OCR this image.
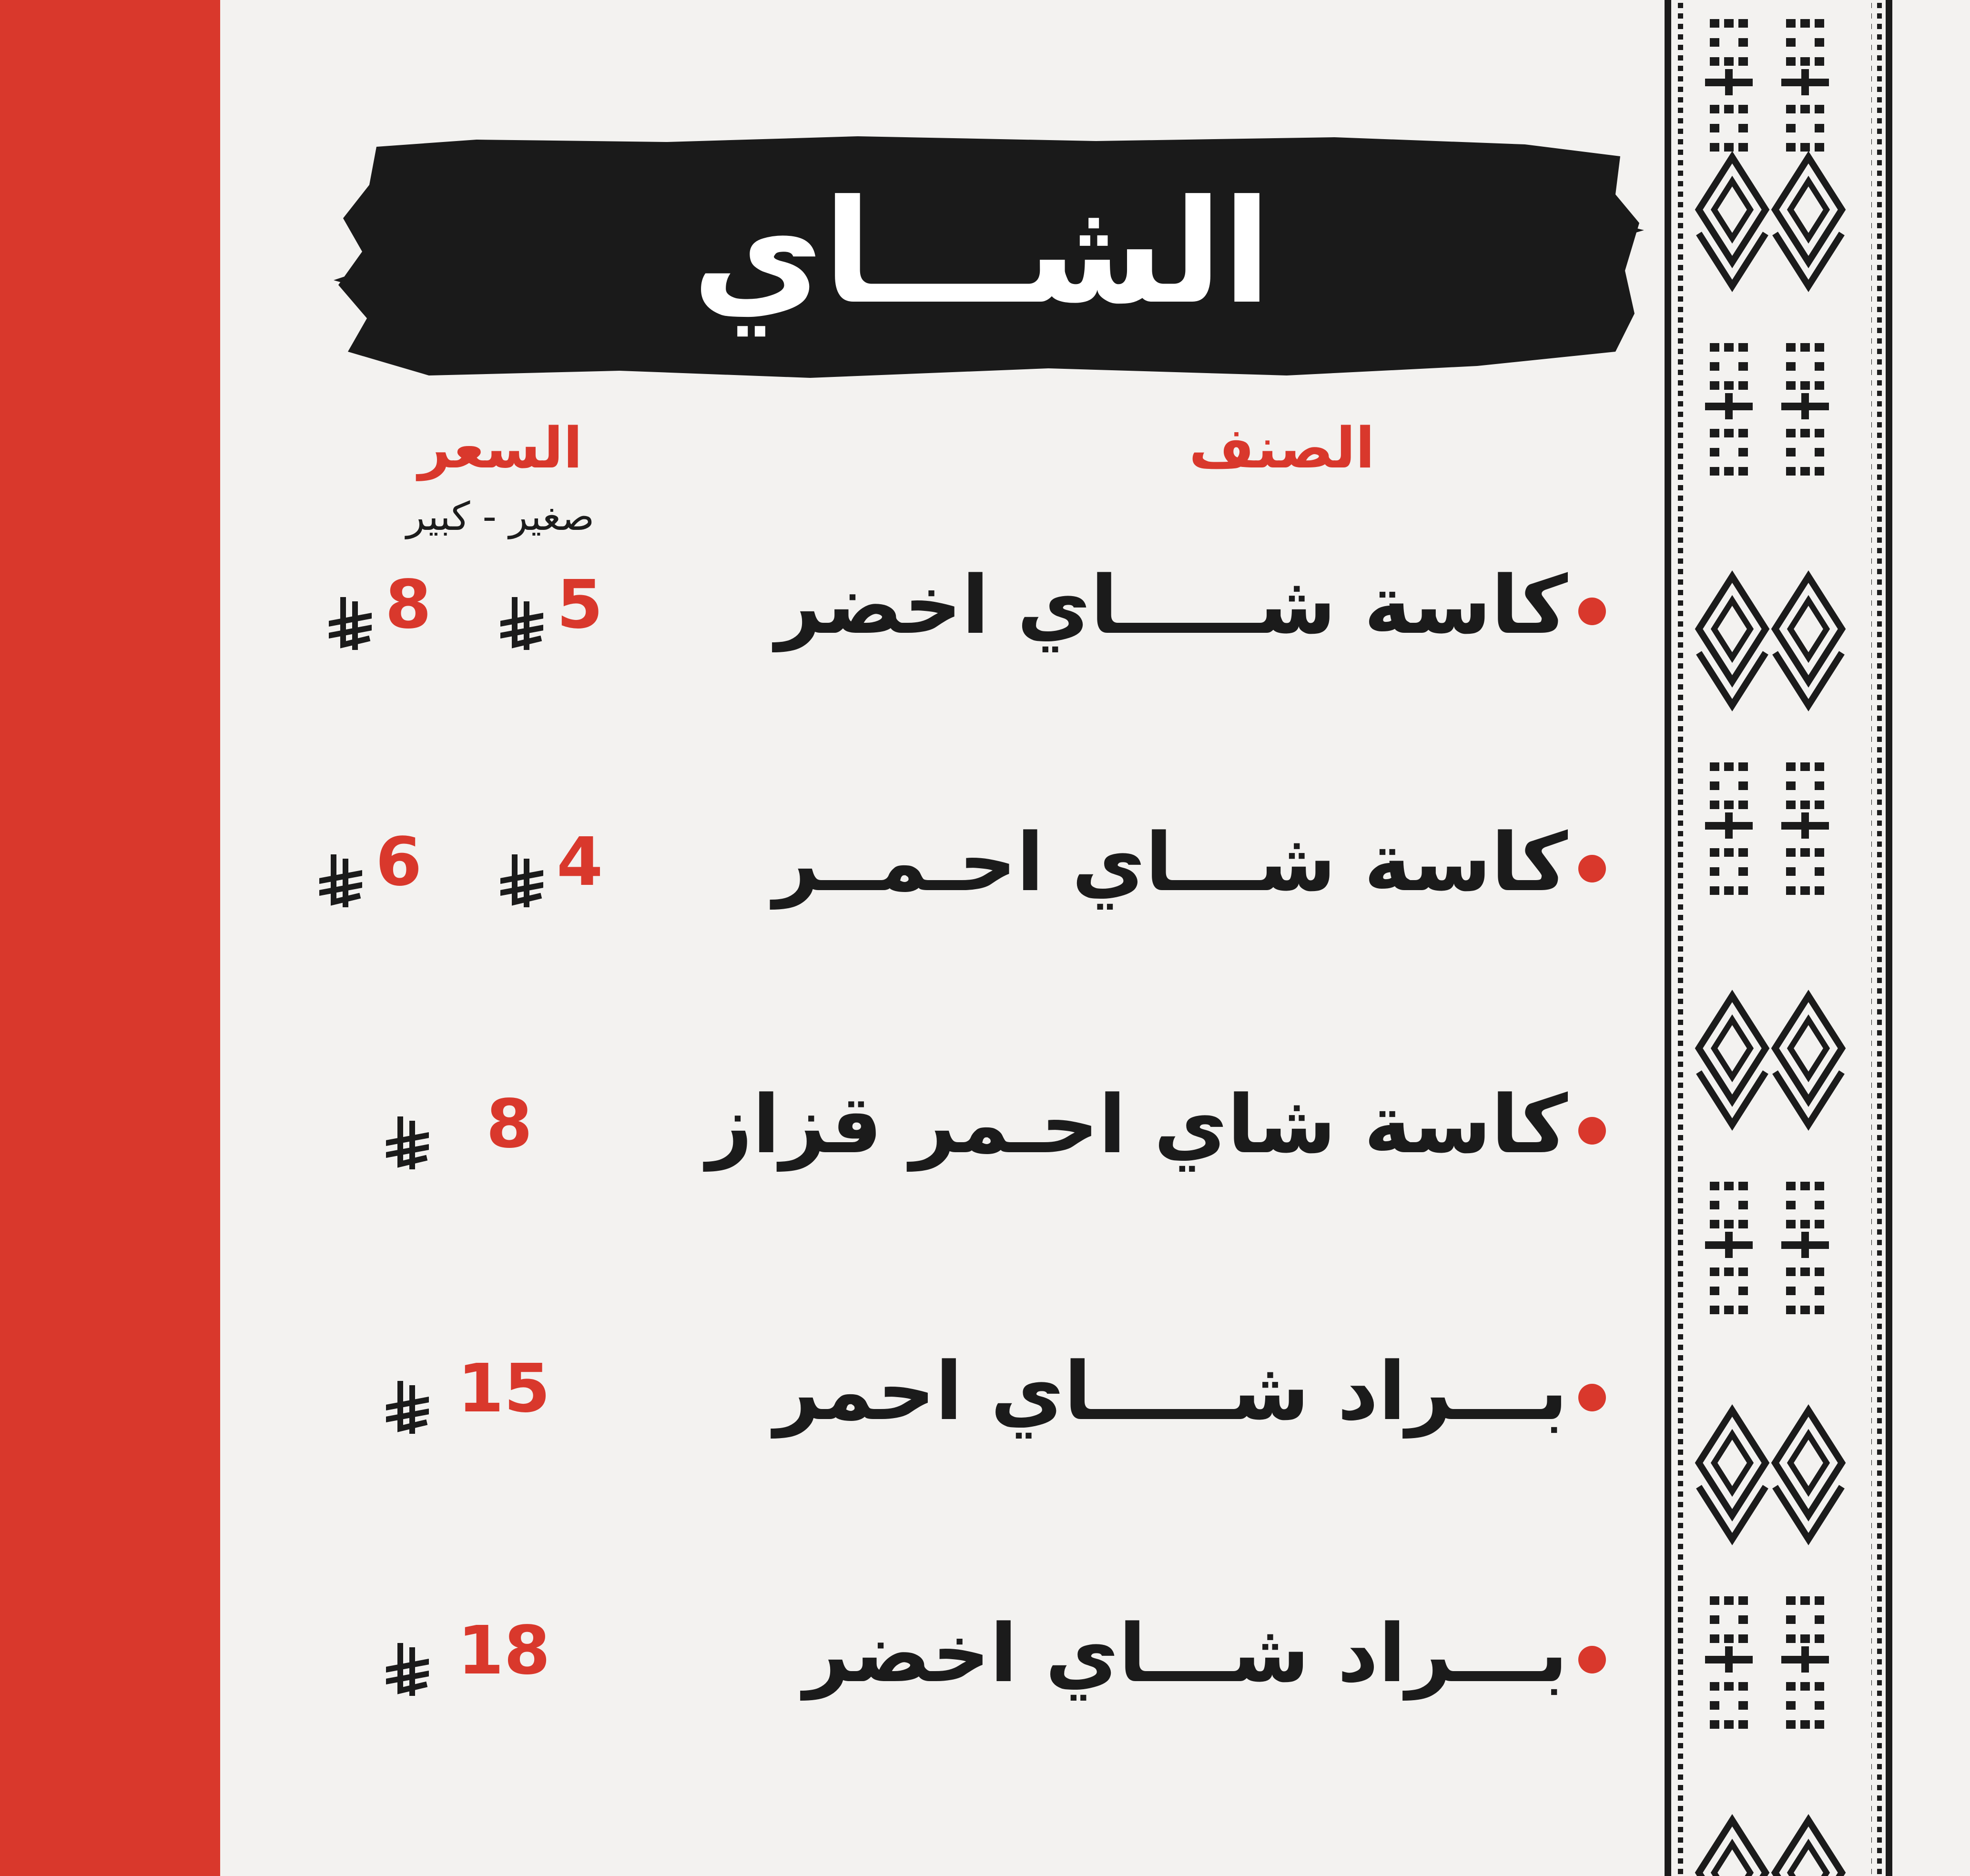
الشـــاي
الصنف
السعر
صغير - كبير
كاسة شـــــاي اخضر
5
8
كاسة شـــاي احـمــر
4
6
كاسة شاي احـمر قزاز
8
بـــراد شـــــاي احمر
15
بـــراد شـــاي اخضر
18
